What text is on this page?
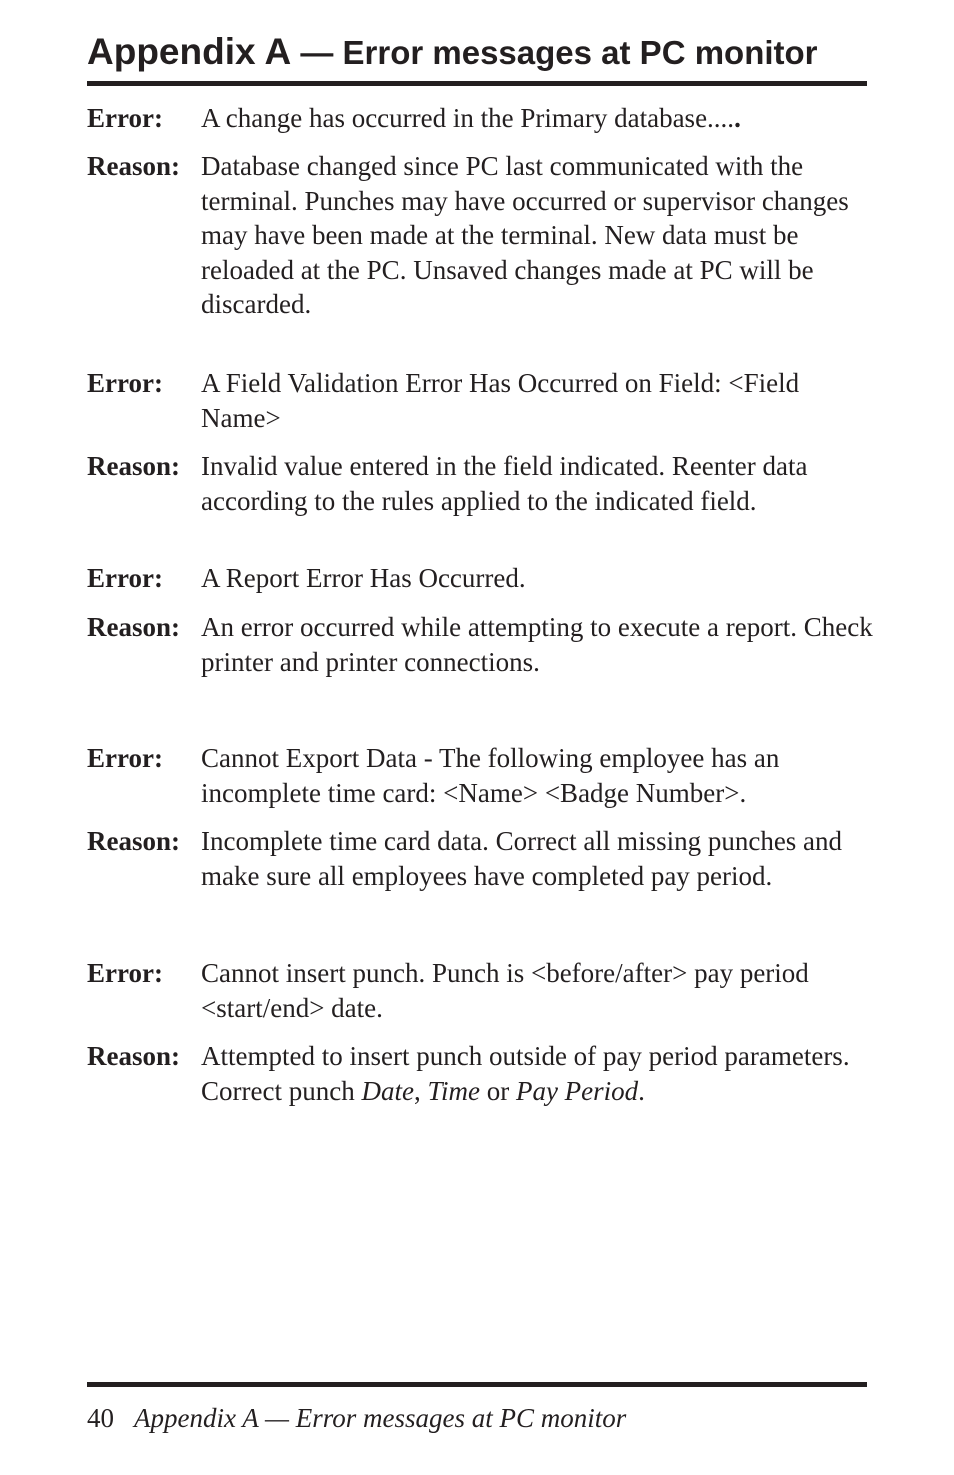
Appendix A — Error messages at PC monitor
Error:	A change has occurred in the Primary database.....
Reason: Database changed since PC last communicated with the terminal. Punches may have occurred or supervisor changes may have been made at the terminal. New data must be reloaded at the PC. Unsaved changes made at PC will be discarded.
Error:	A Field Validation Error Has Occurred on Field: <Field Name>
Reason: Invalid value entered in the field indicated. Reenter data according to the rules applied to the indicated field.
Error:	A Report Error Has Occurred.
Reason: An error occurred while attempting to execute a report. Check printer and printer connections.
Error:	Cannot Export Data - The following employee has an incomplete time card: <Name> <Badge Number>.
Reason: Incomplete time card data. Correct all missing punches and make sure all employees have completed pay period.
Error:	Cannot insert punch. Punch is <before/after> pay period <start/end> date.
Reason: Attempted to insert punch outside of pay period parameters. Correct punch Date, Time or Pay Period.
40 Appendix A — Error messages at PC monitor
